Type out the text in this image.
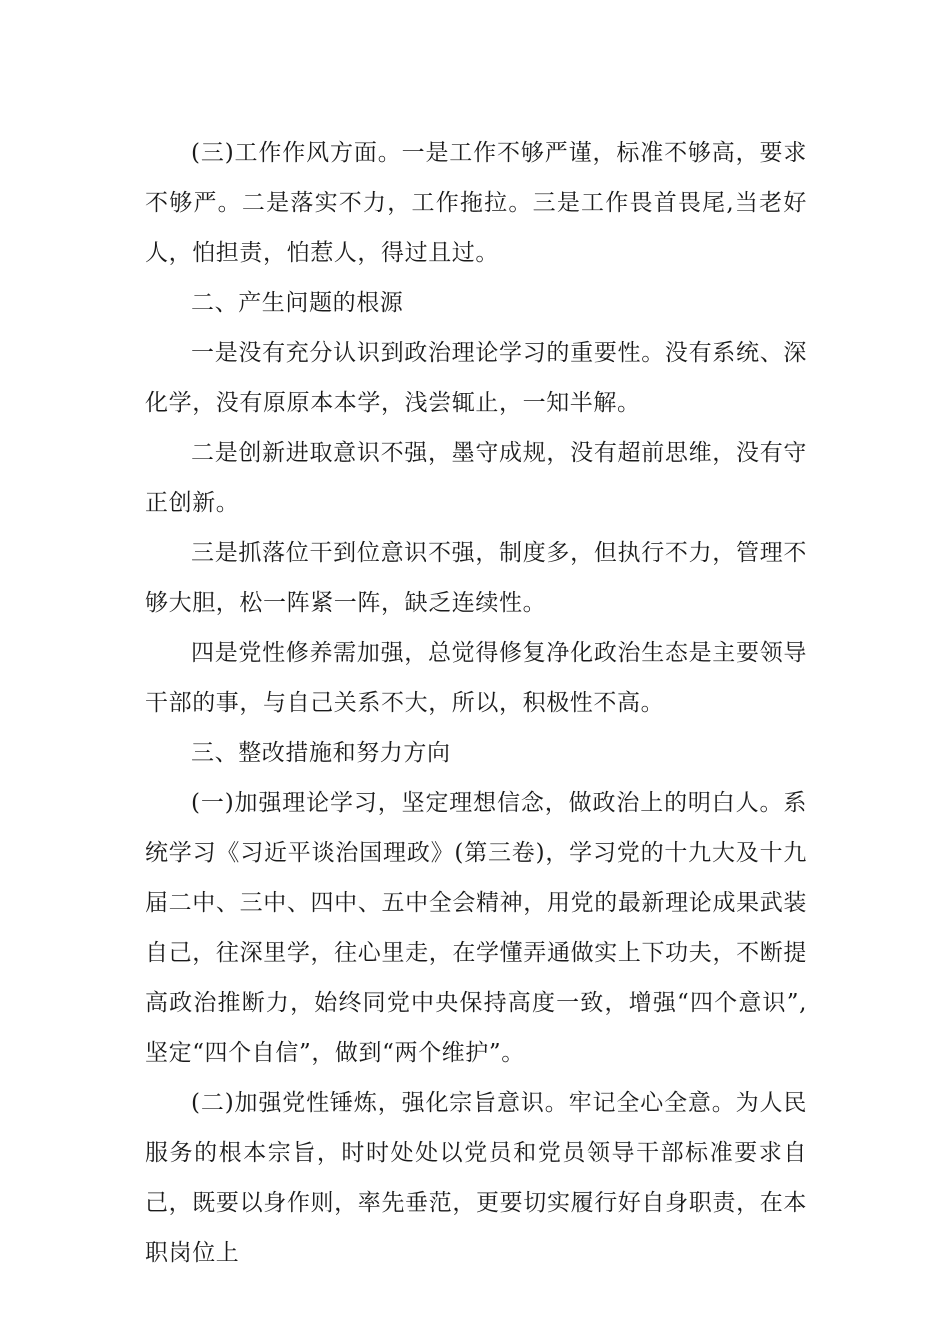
(三)工作作风方面。一是工作不够严谨，标准不够高，要求不够严。二是落实不力，工作拖拉。三是工作畏首畏尾,当老好人，怕担责，怕惹人，得过且过。

二、产生问题的根源

一是没有充分认识到政治理论学习的重要性。没有系统、深化学，没有原原本本学，浅尝辄止，一知半解。

二是创新进取意识不强，墨守成规，没有超前思维，没有守正创新。

三是抓落位干到位意识不强，制度多，但执行不力，管理不够大胆，松一阵紧一阵，缺乏连续性。

四是党性修养需加强，总觉得修复净化政治生态是主要领导干部的事，与自己关系不大，所以，积极性不高。

三、整改措施和努力方向

(一)加强理论学习，坚定理想信念，做政治上的明白人。系统学习《习近平谈治国理政》(第三卷)，学习党的十九大及十九届二中、三中、四中、五中全会精神，用党的最新理论成果武装自己，往深里学，往心里走，在学懂弄通做实上下功夫，不断提高政治推断力，始终同党中央保持高度一致，增强“四个意识”,坚定“四个自信”，做到“两个维护”。

(二)加强党性锤炼，强化宗旨意识。牢记全心全意。为人民服务的根本宗旨，时时处处以党员和党员领导干部标准要求自己，既要以身作则，率先垂范，更要切实履行好自身职责，在本职岗位上
